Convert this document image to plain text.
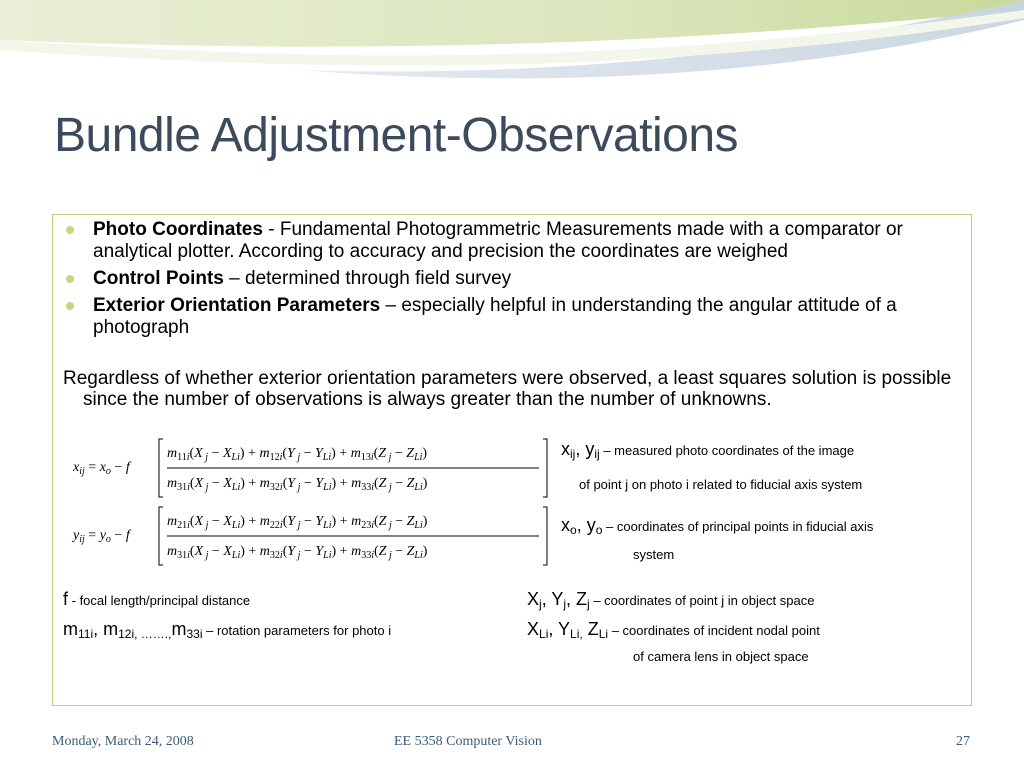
Bundle Adjustment-Observations
Photo Coordinates - Fundamental Photogrammetric Measurements made with a comparator or analytical plotter. According to accuracy and precision the coordinates are weighed
Control Points – determined through field survey
Exterior Orientation Parameters – especially helpful in understanding the angular attitude of a photograph
Regardless of whether exterior orientation parameters were observed, a least squares solution is possible since the number of observations is always greater than the number of unknowns.
$x_{ij} = x_o - f$
$m_{11i}(X$ $_j - X_{Li}) + m_{12i}(Y$ $_j - Y_{Li}) + m_{13i}(Z$ $_j - Z_{Li}$)
$m_{31i}(X$ $_j - X_{Li}) + m_{32i}(Y$ $_j - Y_{Li}) + m_{33i}(Z$ $_j - Z_{Li}$)
$y_{ij} = y_o - f$
$m_{21i}(X$ $_j - X_{Li}) + m_{22i}(Y$ $_j - Y_{Li}) + m_{23i}(Z$ $_j - Z_{Li}$)
$m_{31i}(X$ $_j - X_{Li}) + m_{32i}(Y$ $_j - Y_{Li}) + m_{33i}(Z$ $_j - Z_{Li}$)
$x_{ij}$, $y_{ij}$ – measured photo coordinates of the image
of point j on photo i related to fiducial axis system
$x_o$, $y_o$ – coordinates of principal points in fiducial axis
system
f - focal length/principal distance
$m_{11i}$, $m_{12i, \dots\dots.,}m_{33i}$ – rotation parameters for photo i
$X_j$, $Y_j$, $Z_j$ – coordinates of point j in object space
$X_{Li}$, $Y_{Li,}$ $Z_{Li}$ – coordinates of incident nodal point
of camera lens in object space
Monday, March 24, 2008	EE 5358 Computer Vision	27
